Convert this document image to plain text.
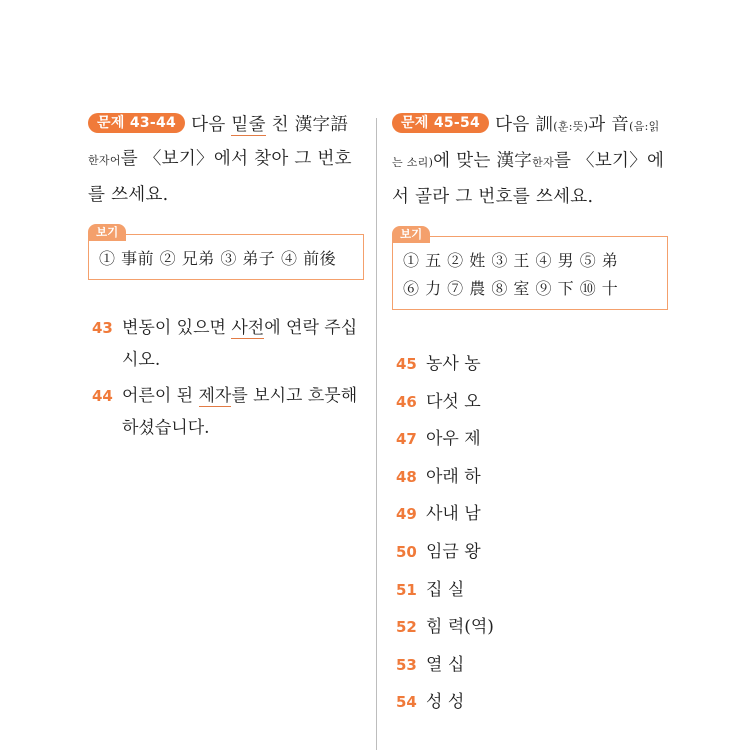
문제 43-44 다음 밑줄 친 漢字語 한자어를 〈보기〉에서 찾아 그 번호를 쓰세요.
보기
① 事前 ② 兄弟 ③ 弟子 ④ 前後
43 변동이 있으면 사전에 연락 주십시오.
44 어른이 된 제자를 보시고 흐뭇해 하셨습니다.
문제 45-54 다음 訓(훈:뜻)과 音(음:읽는 소리)에 맞는 漢字한자를 〈보기〉에서 골라 그 번호를 쓰세요.
보기
① 五 ② 姓 ③ 王 ④ 男 ⑤ 弟
⑥ 力 ⑦ 農 ⑧ 室 ⑨ 下 ⑩ 十
45 농사 농
46 다섯 오
47 아우 제
48 아래 하
49 사내 남
50 임금 왕
51 집 실
52 힘 력(역)
53 열 십
54 성 성
